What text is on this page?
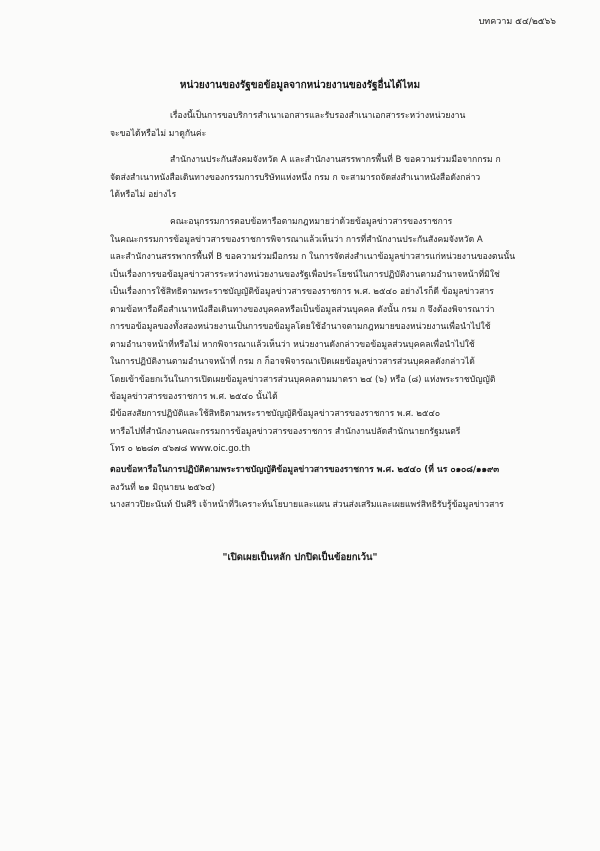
บทความ ๕๔/๒๕๖๖
หน่วยงานของรัฐขอข้อมูลจากหน่วยงานของรัฐอื่นได้ไหม
เรื่องนี้เป็นการขอบริการสำเนาเอกสารและรับรองสำเนาเอกสารระหว่างหน่วยงาน
จะขอได้หรือไม่ มาดูกันค่ะ
สำนักงานประกันสังคมจังหวัด A และสำนักงานสรรพากรพื้นที่ B ขอความร่วมมือจากกรม ก
จัดส่งสำเนาหนังสือเดินทางของกรรมการบริษัทแห่งหนึ่ง กรม ก จะสามารถจัดส่งสำเนาหนังสือดังกล่าว
ได้หรือไม่ อย่างไร
คณะอนุกรรมการตอบข้อหารือตามกฎหมายว่าด้วยข้อมูลข่าวสารของราชการ
ในคณะกรรมการข้อมูลข่าวสารของราชการพิจารณาแล้วเห็นว่า การที่สำนักงานประกันสังคมจังหวัด A
และสำนักงานสรรพากรพื้นที่ B ขอความร่วมมือกรม ก ในการจัดส่งสำเนาข้อมูลข่าวสารแก่หน่วยงานของตนนั้น
เป็นเรื่องการขอข้อมูลข่าวสารระหว่างหน่วยงานของรัฐเพื่อประโยชน์ในการปฏิบัติงานตามอำนาจหน้าที่มิใช่
เป็นเรื่องการใช้สิทธิตามพระราชบัญญัติข้อมูลข่าวสารของราชการ พ.ศ. ๒๕๔๐ อย่างไรก็ดี ข้อมูลข่าวสาร
ตามข้อหารือคือสำเนาหนังสือเดินทางของบุคคลหรือเป็นข้อมูลส่วนบุคคล ดังนั้น กรม ก จึงต้องพิจารณาว่า
การขอข้อมูลของทั้งสองหน่วยงานเป็นการขอข้อมูลโดยใช้อำนาจตามกฎหมายของหน่วยงานเพื่อนำไปใช้
ตามอำนาจหน้าที่หรือไม่ หากพิจารณาแล้วเห็นว่า หน่วยงานดังกล่าวขอข้อมูลส่วนบุคคลเพื่อนำไปใช้
ในการปฏิบัติงานตามอำนาจหน้าที่ กรม ก ก็อาจพิจารณาเปิดเผยข้อมูลข่าวสารส่วนบุคคลดังกล่าวได้
โดยเข้าข้อยกเว้นในการเปิดเผยข้อมูลข่าวสารส่วนบุคคลตามมาตรา ๒๔ (๖) หรือ (๘) แห่งพระราชบัญญัติ
ข้อมูลข่าวสารของราชการ พ.ศ. ๒๕๔๐ นั้นได้
มีข้อสงสัยการปฏิบัติและใช้สิทธิตามพระราชบัญญัติข้อมูลข่าวสารของราชการ พ.ศ. ๒๕๔๐
หารือไปที่สำนักงานคณะกรรมการข้อมูลข่าวสารของราชการ สำนักงานปลัดสำนักนายกรัฐมนตรี
โทร ๐ ๒๒๘๓ ๔๖๗๘ www.oic.go.th
ตอบข้อหารือในการปฏิบัติตามพระราชบัญญัติข้อมูลข่าวสารของราชการ พ.ศ. ๒๕๔๐ (ที่ นร ๐๑๐๘/๑๑๙๓
ลงวันที่ ๒๑ มิถุนายน ๒๕๖๔)
นางสาวปิยะนันท์ ปันศิริ เจ้าหน้าที่วิเคราะห์นโยบายและแผน ส่วนส่งเสริมและเผยแพร่สิทธิรับรู้ข้อมูลข่าวสาร
"เปิดเผยเป็นหลัก ปกปิดเป็นข้อยกเว้น"
